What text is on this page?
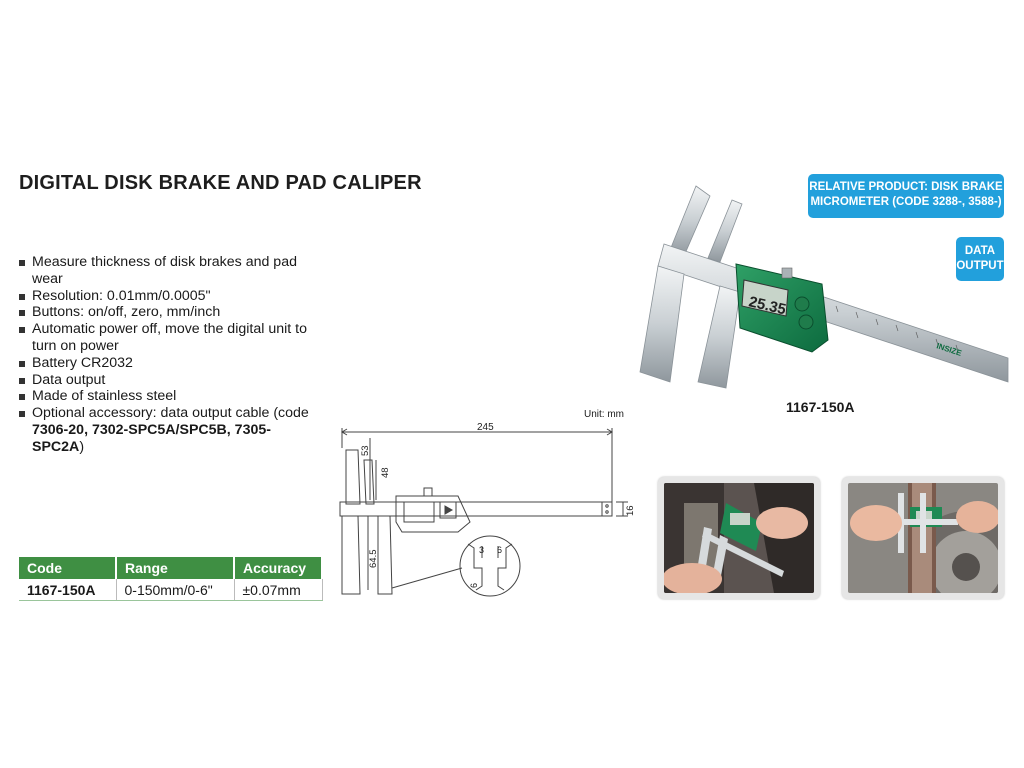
DIGITAL DISK BRAKE AND PAD CALIPER
Measure thickness of disk brakes and pad wear
Resolution: 0.01mm/0.0005"
Buttons: on/off, zero, mm/inch
Automatic power off, move the digital unit to turn on power
Battery CR2032
Data output
Made of stainless steel
Optional accessory: data output cable (code 7306-20, 7302-SPC5A/SPC5B, 7305-SPC2A)
Code	Range	Accuracy
1167-150A	0-150mm/0-6"	±0.07mm
Unit: mm
245
53
48
64.5
16
3 6
6
25.35
INSIZE
RELATIVE PRODUCT: DISK BRAKE
MICROMETER (CODE 3288-, 3588-)
DATA
OUTPUT
1167-150A
